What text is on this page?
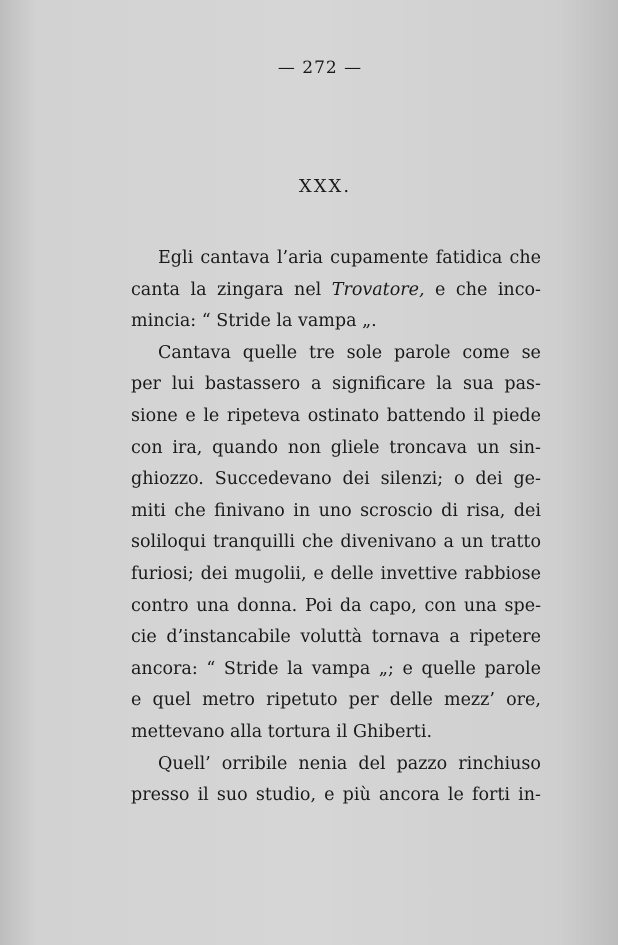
— 272 —
XXX.
Egli cantava l’aria cupamente fatidica che
canta la zingara nel Trovatore, e che inco-
mincia: “ Stride la vampa „.
Cantava quelle tre sole parole come se
per lui bastassero a significare la sua pas-
sione e le ripeteva ostinato battendo il piede
con ira, quando non gliele troncava un sin-
ghiozzo. Succedevano dei silenzi; o dei ge-
miti che finivano in uno scroscio di risa, dei
soliloqui tranquilli che divenivano a un tratto
furiosi; dei mugolii, e delle invettive rabbiose
contro una donna. Poi da capo, con una spe-
cie d’instancabile voluttà tornava a ripetere
ancora: “ Stride la vampa „; e quelle parole
e quel metro ripetuto per delle mezz’ ore,
mettevano alla tortura il Ghiberti.
Quell’ orribile nenia del pazzo rinchiuso
presso il suo studio, e più ancora le forti in-
